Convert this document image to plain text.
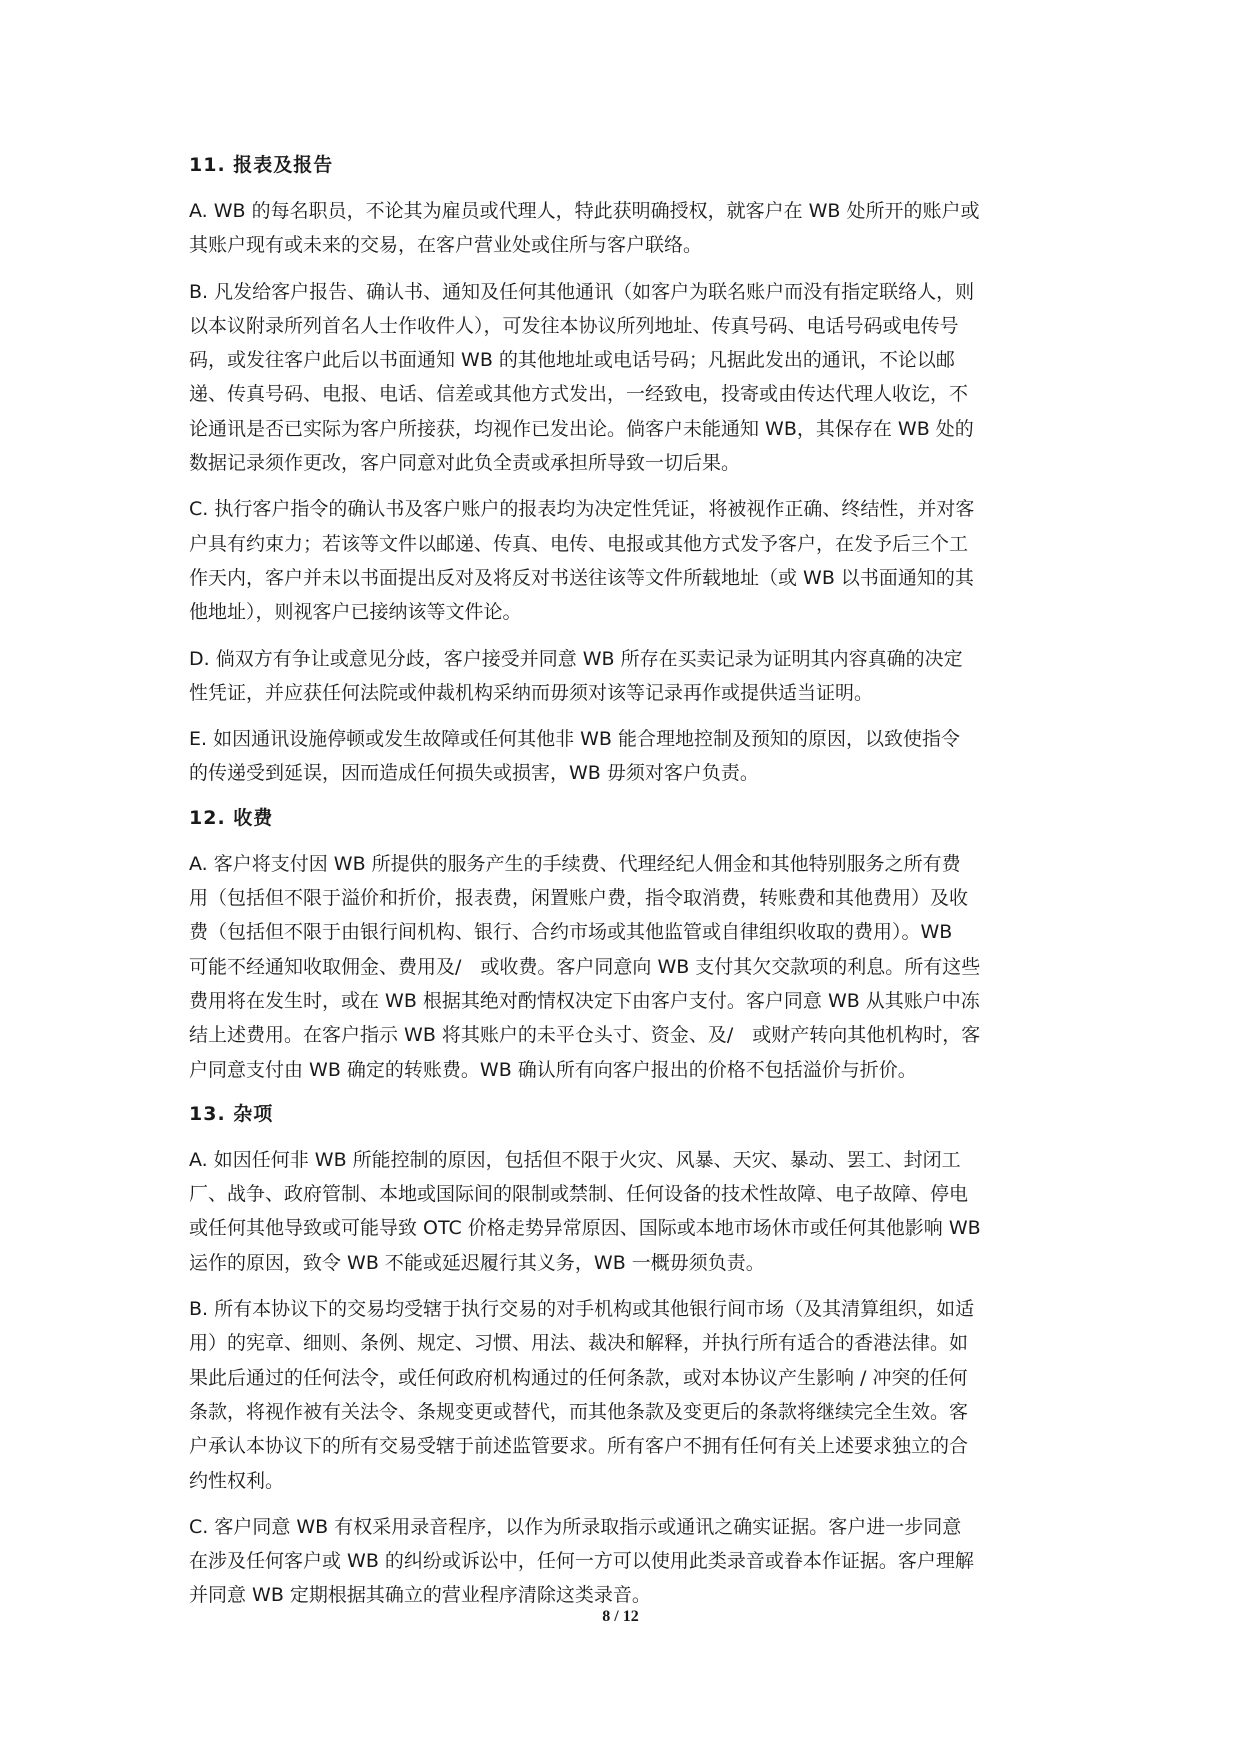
11. 报表及报告
A. WB 的每名职员，不论其为雇员或代理人，特此获明确授权，就客户在 WB 处所开的账户或
其账户现有或未来的交易，在客户营业处或住所与客户联络。
B. 凡发给客户报告、确认书、通知及任何其他通讯（如客户为联名账户而没有指定联络人，则
以本议附录所列首名人士作收件人），可发往本协议所列地址、传真号码、电话号码或电传号
码，或发往客户此后以书面通知 WB 的其他地址或电话号码；凡据此发出的通讯，不论以邮
递、传真号码、电报、电话、信差或其他方式发出，一经致电，投寄或由传达代理人收讫，不
论通讯是否已实际为客户所接获，均视作已发出论。倘客户未能通知 WB，其保存在 WB 处的
数据记录须作更改，客户同意对此负全责或承担所导致一切后果。
C. 执行客户指令的确认书及客户账户的报表均为决定性凭证，将被视作正确、终结性，并对客
户具有约束力；若该等文件以邮递、传真、电传、电报或其他方式发予客户，在发予后三个工
作天内，客户并未以书面提出反对及将反对书送往该等文件所载地址（或 WB 以书面通知的其
他地址），则视客户已接纳该等文件论。
D. 倘双方有争让或意见分歧，客户接受并同意 WB 所存在买卖记录为证明其内容真确的决定
性凭证，并应获任何法院或仲裁机构采纳而毋须对该等记录再作或提供适当证明。
E. 如因通讯设施停顿或发生故障或任何其他非 WB 能合理地控制及预知的原因，以致使指令
的传递受到延误，因而造成任何损失或损害，WB 毋须对客户负责。
12. 收费
A. 客户将支付因 WB 所提供的服务产生的手续费、代理经纪人佣金和其他特别服务之所有费
用（包括但不限于溢价和折价，报表费，闲置账户费，指令取消费，转账费和其他费用）及收
费（包括但不限于由银行间机构、银行、合约市场或其他监管或自律组织收取的费用）。WB
可能不经通知收取佣金、费用及/　或收费。客户同意向 WB 支付其欠交款项的利息。所有这些
费用将在发生时，或在 WB 根据其绝对酌情权决定下由客户支付。客户同意 WB 从其账户中冻
结上述费用。在客户指示 WB 将其账户的未平仓头寸、资金、及/　或财产转向其他机构时，客
户同意支付由 WB 确定的转账费。WB 确认所有向客户报出的价格不包括溢价与折价。
13. 杂项
A. 如因任何非 WB 所能控制的原因，包括但不限于火灾、风暴、天灾、暴动、罢工、封闭工
厂、战争、政府管制、本地或国际间的限制或禁制、任何设备的技术性故障、电子故障、停电
或任何其他导致或可能导致 OTC 价格走势异常原因、国际或本地市场休市或任何其他影响 WB
运作的原因，致令 WB 不能或延迟履行其义务，WB 一概毋须负责。
B. 所有本协议下的交易均受辖于执行交易的对手机构或其他银行间市场（及其清算组织，如适
用）的宪章、细则、条例、规定、习惯、用法、裁决和解释，并执行所有适合的香港法律。如
果此后通过的任何法令，或任何政府机构通过的任何条款，或对本协议产生影响 / 冲突的任何
条款，将视作被有关法令、条规变更或替代，而其他条款及变更后的条款将继续完全生效。客
户承认本协议下的所有交易受辖于前述监管要求。所有客户不拥有任何有关上述要求独立的合
约性权利。
C. 客户同意 WB 有权采用录音程序，以作为所录取指示或通讯之确实证据。客户进一步同意
在涉及任何客户或 WB 的纠纷或诉讼中，任何一方可以使用此类录音或眷本作证据。客户理解
并同意 WB 定期根据其确立的营业程序清除这类录音。
8 / 12
